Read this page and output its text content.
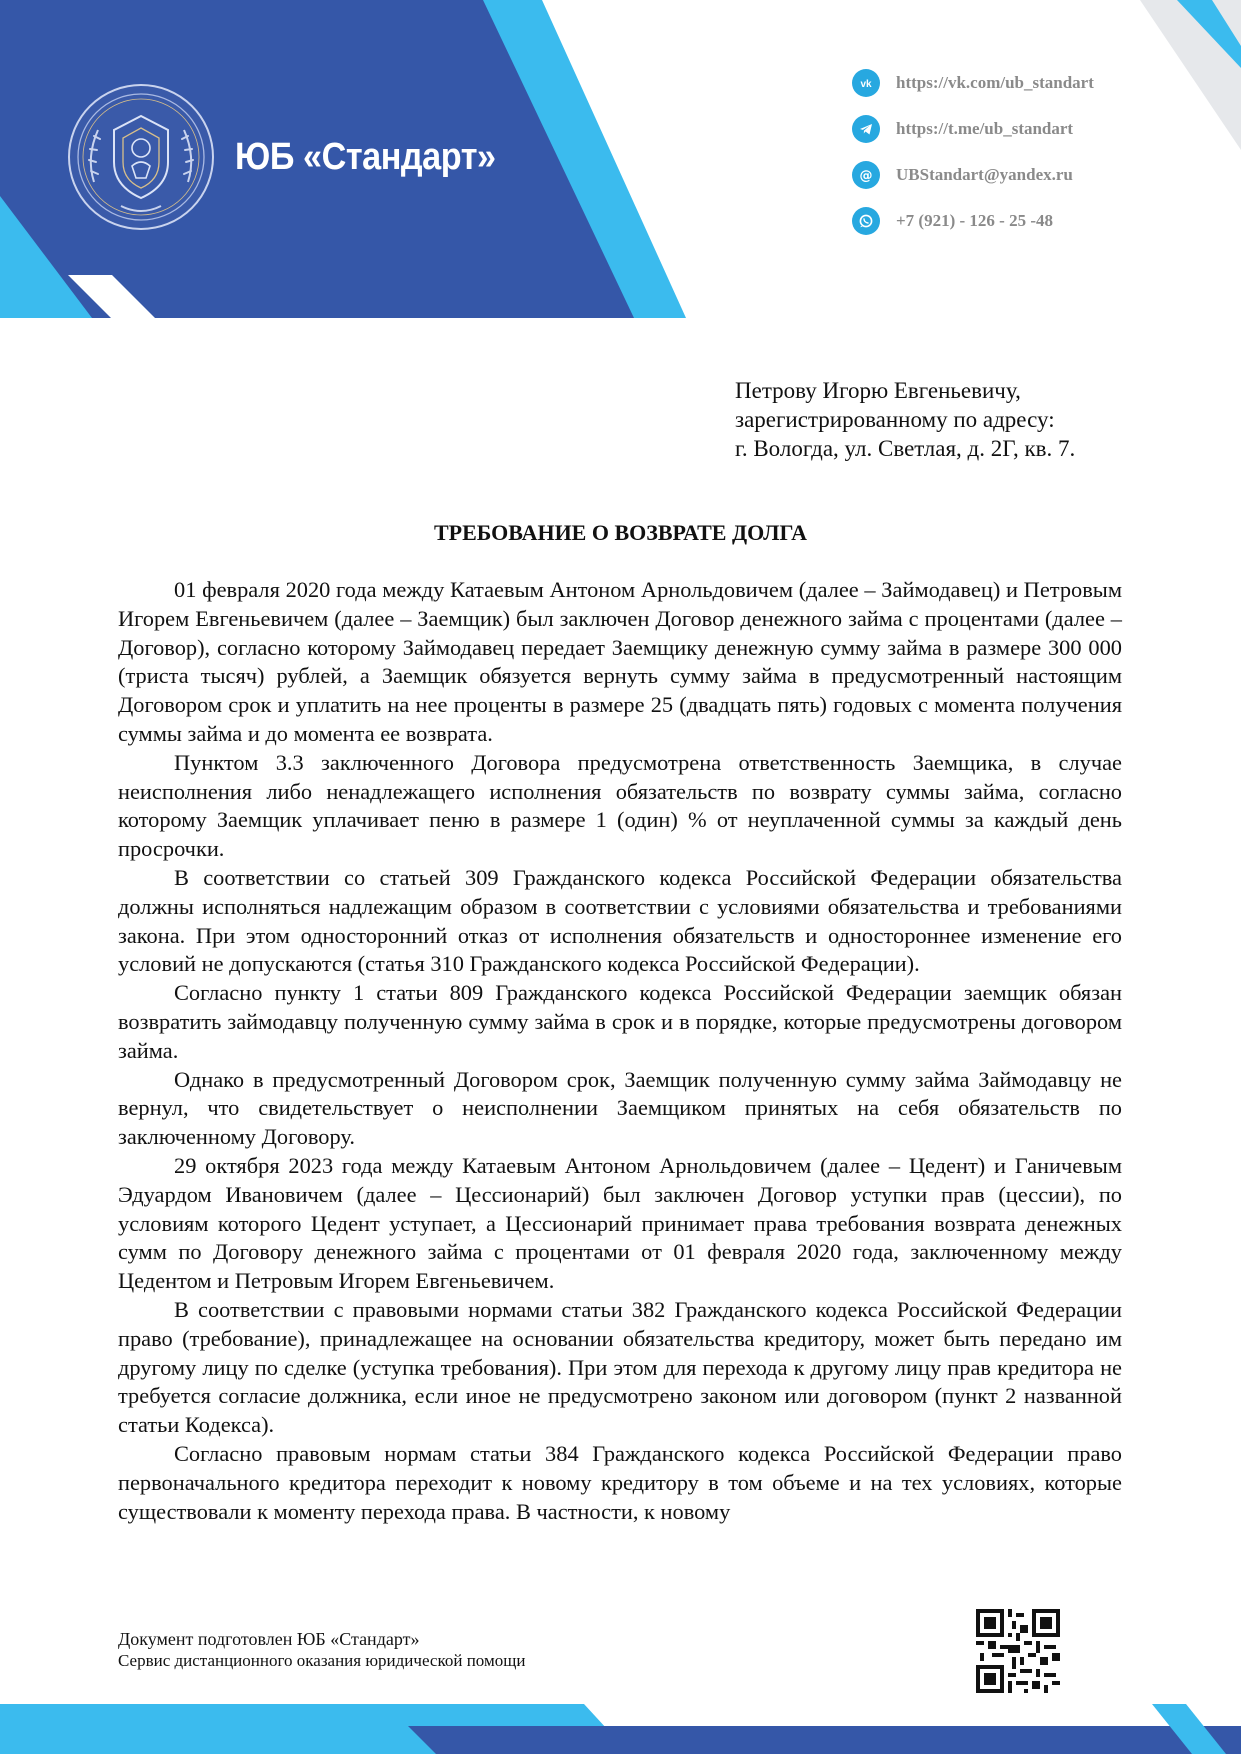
ЮБ «Стандарт»
vk https://vk.com/ub_standart
https://t.me/ub_standart
@ UBStandart@yandex.ru
+7 (921) - 126 - 25 -48
Петрову Игорю Евгеньевичу,
зарегистрированному по адресу:
г. Вологда, ул. Светлая, д. 2Г, кв. 7.
ТРЕБОВАНИЕ О ВОЗВРАТЕ ДОЛГА

01 февраля 2020 года между Катаевым Антоном Арнольдовичем (далее – Займодавец) и Петровым Игорем Евгеньевичем (далее – Заемщик) был заключен Договор денежного займа с процентами (далее – Договор), согласно которому Займодавец передает Заемщику денежную сумму займа в размере 300 000 (триста тысяч) рублей, а Заемщик обязуется вернуть сумму займа в предусмотренный настоящим Договором срок и уплатить на нее проценты в размере 25 (двадцать пять) годовых с момента получения суммы займа и до момента ее возврата.

Пунктом 3.3 заключенного Договора предусмотрена ответственность Заемщика, в случае неисполнения либо ненадлежащего исполнения обязательств по возврату суммы займа, согласно которому Заемщик уплачивает пеню в размере 1 (один) % от неуплаченной суммы за каждый день просрочки.

В соответствии со статьей 309 Гражданского кодекса Российской Федерации обязательства должны исполняться надлежащим образом в соответствии с условиями обязательства и требованиями закона. При этом односторонний отказ от исполнения обязательств и одностороннее изменение его условий не допускаются (статья 310 Гражданского кодекса Российской Федерации).

Согласно пункту 1 статьи 809 Гражданского кодекса Российской Федерации заемщик обязан возвратить займодавцу полученную сумму займа в срок и в порядке, которые предусмотрены договором займа.

Однако в предусмотренный Договором срок, Заемщик полученную сумму займа Займодавцу не вернул, что свидетельствует о неисполнении Заемщиком принятых на себя обязательств по заключенному Договору.

29 октября 2023 года между Катаевым Антоном Арнольдовичем (далее – Цедент) и Ганичевым Эдуардом Ивановичем (далее – Цессионарий) был заключен Договор уступки прав (цессии), по условиям которого Цедент уступает, а Цессионарий принимает права требования возврата денежных сумм по Договору денежного займа с процентами от 01 февраля 2020 года, заключенному между Цедентом и Петровым Игорем Евгеньевичем.

В соответствии с правовыми нормами статьи 382 Гражданского кодекса Российской Федерации право (требование), принадлежащее на основании обязательства кредитору, может быть передано им другому лицу по сделке (уступка требования). При этом для перехода к другому лицу прав кредитора не требуется согласие должника, если иное не предусмотрено законом или договором (пункт 2 названной статьи Кодекса).

Согласно правовым нормам статьи 384 Гражданского кодекса Российской Федерации право первоначального кредитора переходит к новому кредитору в том объеме и на тех условиях, которые существовали к моменту перехода права. В частности, к новому

Документ подготовлен ЮБ «Стандарт»
Сервис дистанционного оказания юридической помощи
